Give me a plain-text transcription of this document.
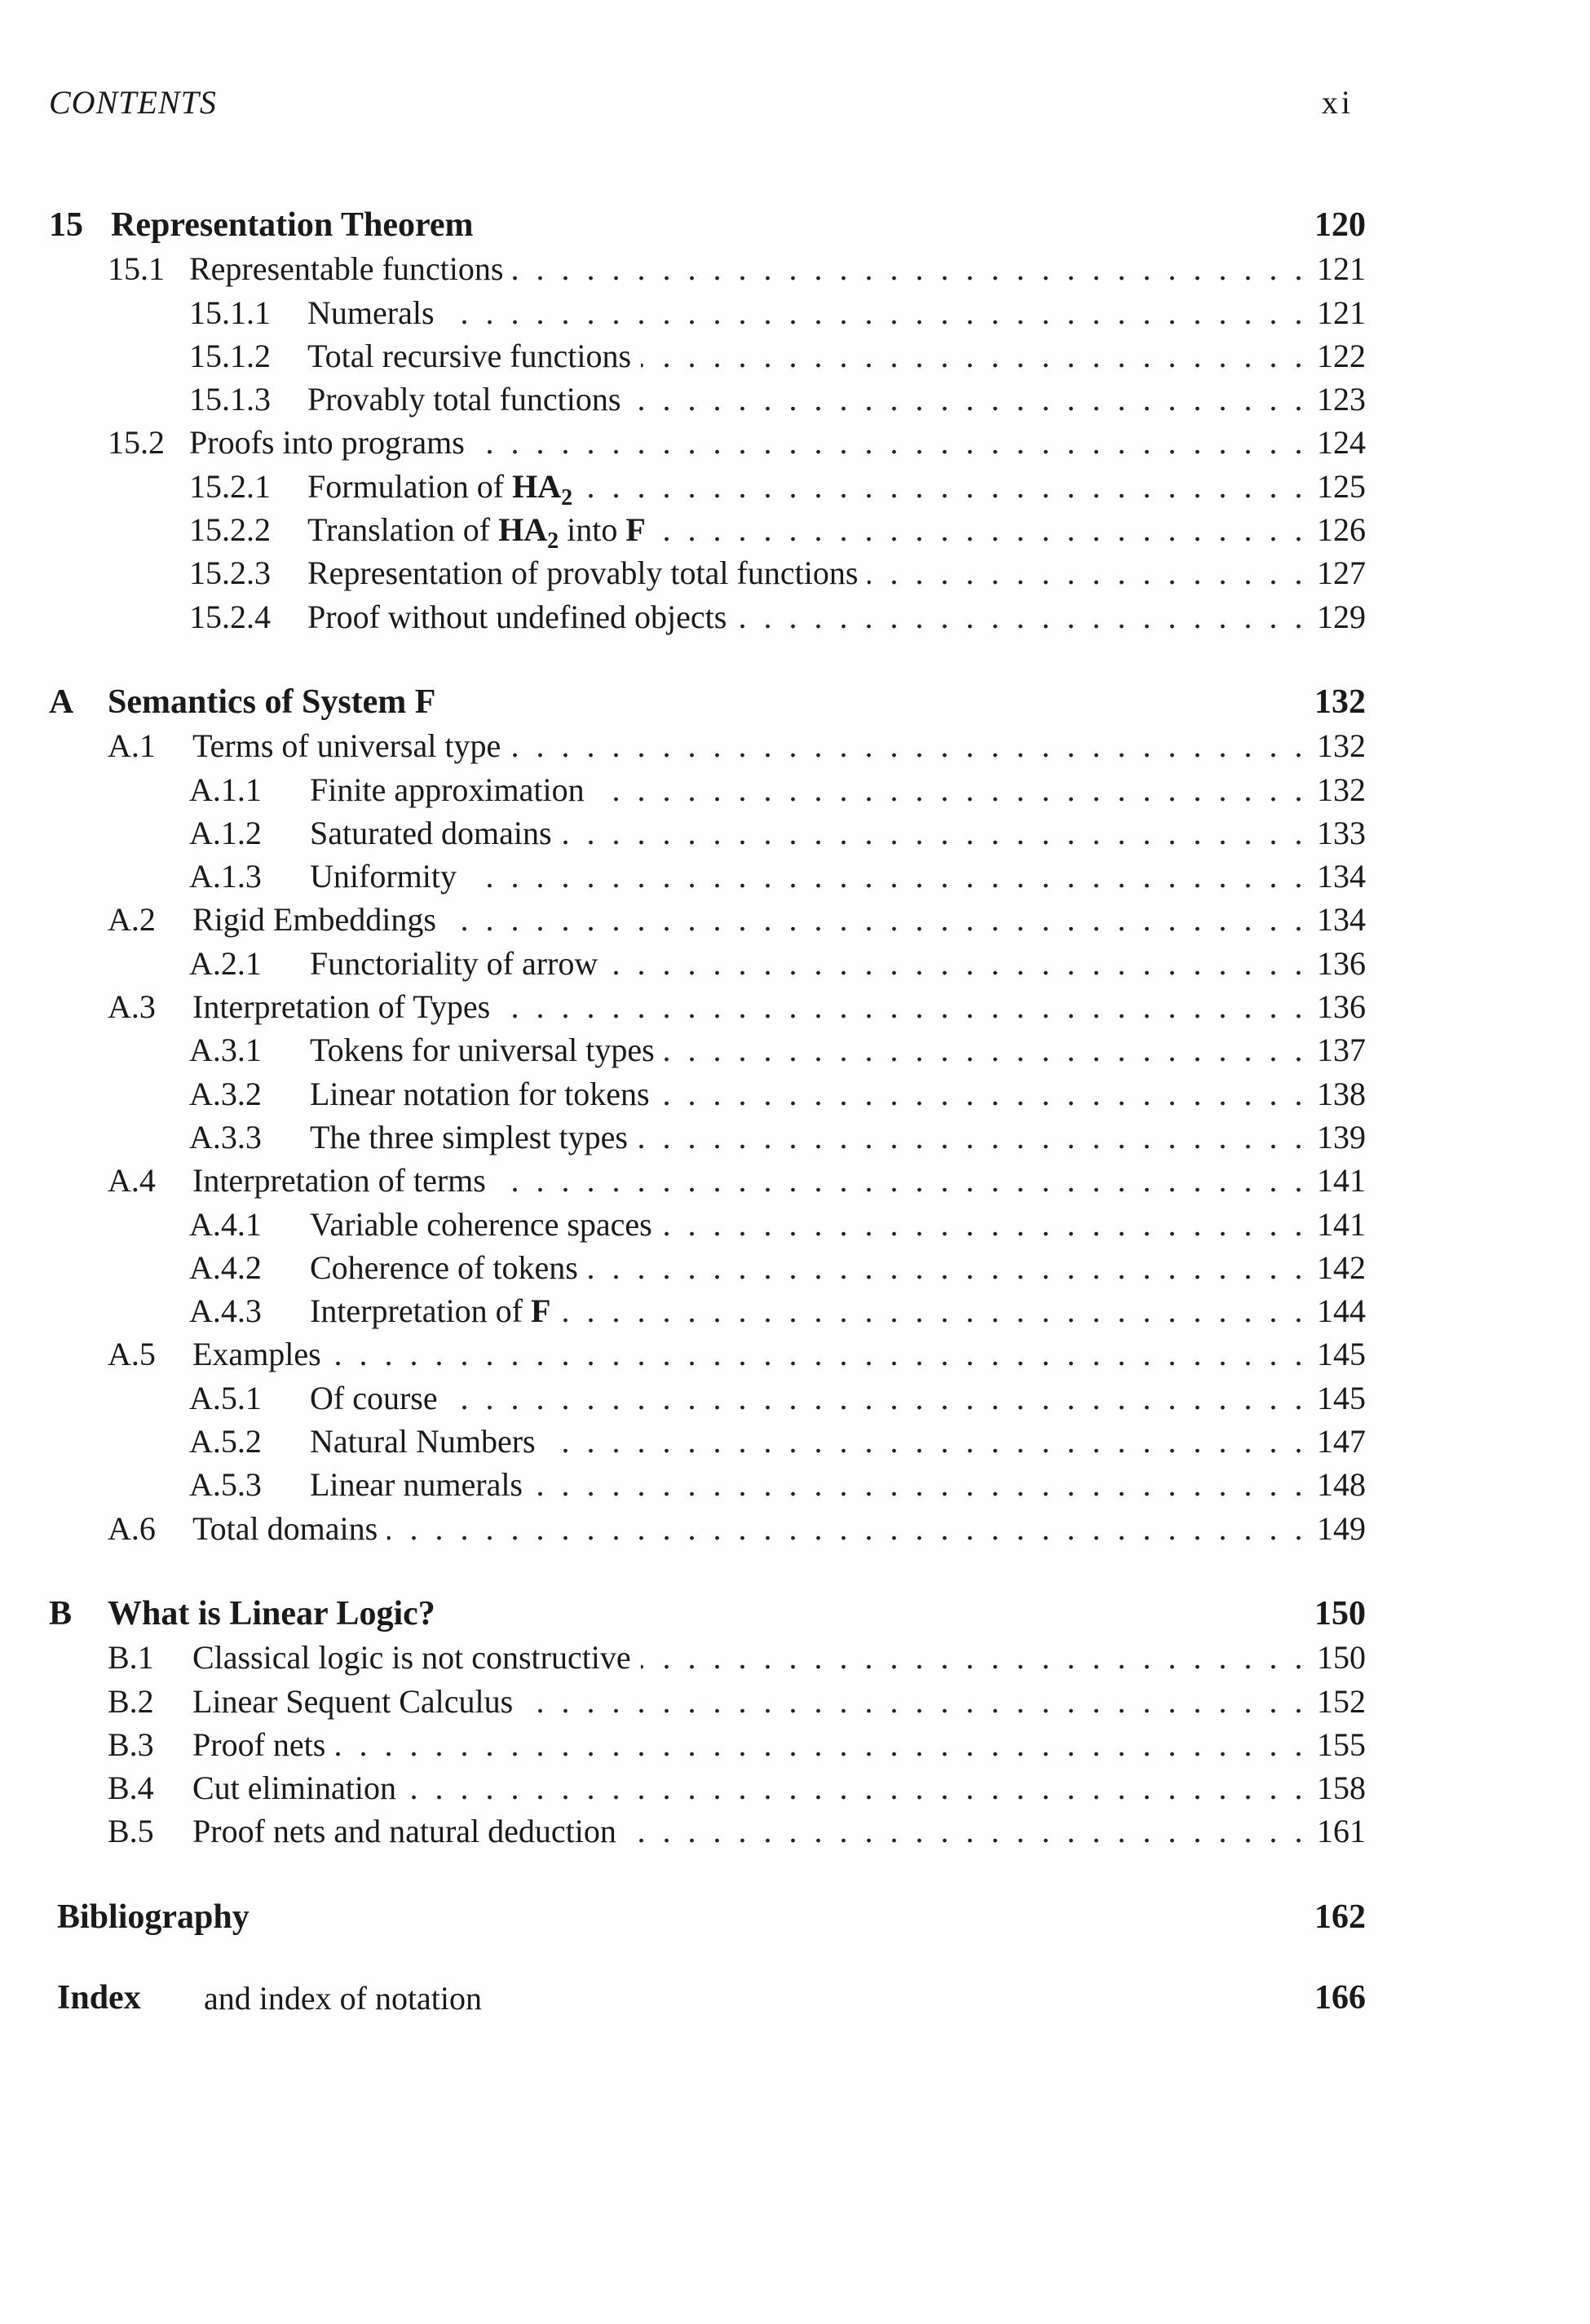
CONTENTS	xi
15 Representation Theorem	120
15.1 Representable functions . . .	121
15.1.1 Numerals . . .	121
15.1.2 Total recursive functions . . .	122
15.1.3 Provably total functions . . .	123
15.2 Proofs into programs . . .	124
15.2.1 Formulation of $HA_2$ . . .	125
15.2.2 Translation of $HA_2$ into F . . .	126
15.2.3 Representation of provably total functions . . .	127
15.2.4 Proof without undefined objects . . .	129
A Semantics of System F	132
A.1 Terms of universal type . . .	132
A.1.1 Finite approximation . . .	132
A.1.2 Saturated domains . . .	133
A.1.3 Uniformity . . .	134
A.2 Rigid Embeddings . . .	134
A.2.1 Functoriality of arrow . . .	136
A.3 Interpretation of Types . . .	136
A.3.1 Tokens for universal types . . .	137
A.3.2 Linear notation for tokens . . .	138
A.3.3 The three simplest types . . .	139
A.4 Interpretation of terms . . .	141
A.4.1 Variable coherence spaces . . .	141
A.4.2 Coherence of tokens . . .	142
A.4.3 Interpretation of F . . .	144
A.5 Examples . . .	145
A.5.1 Of course . . .	145
A.5.2 Natural Numbers . . .	147
A.5.3 Linear numerals . . .	148
A.6 Total domains . . .	149
B What is Linear Logic?	150
B.1 Classical logic is not constructive . . .	150
B.2 Linear Sequent Calculus . . .	152
B.3 Proof nets . . .	155
B.4 Cut elimination . . .	158
B.5 Proof nets and natural deduction . . .	161
Bibliography	162
Index and index of notation	166
